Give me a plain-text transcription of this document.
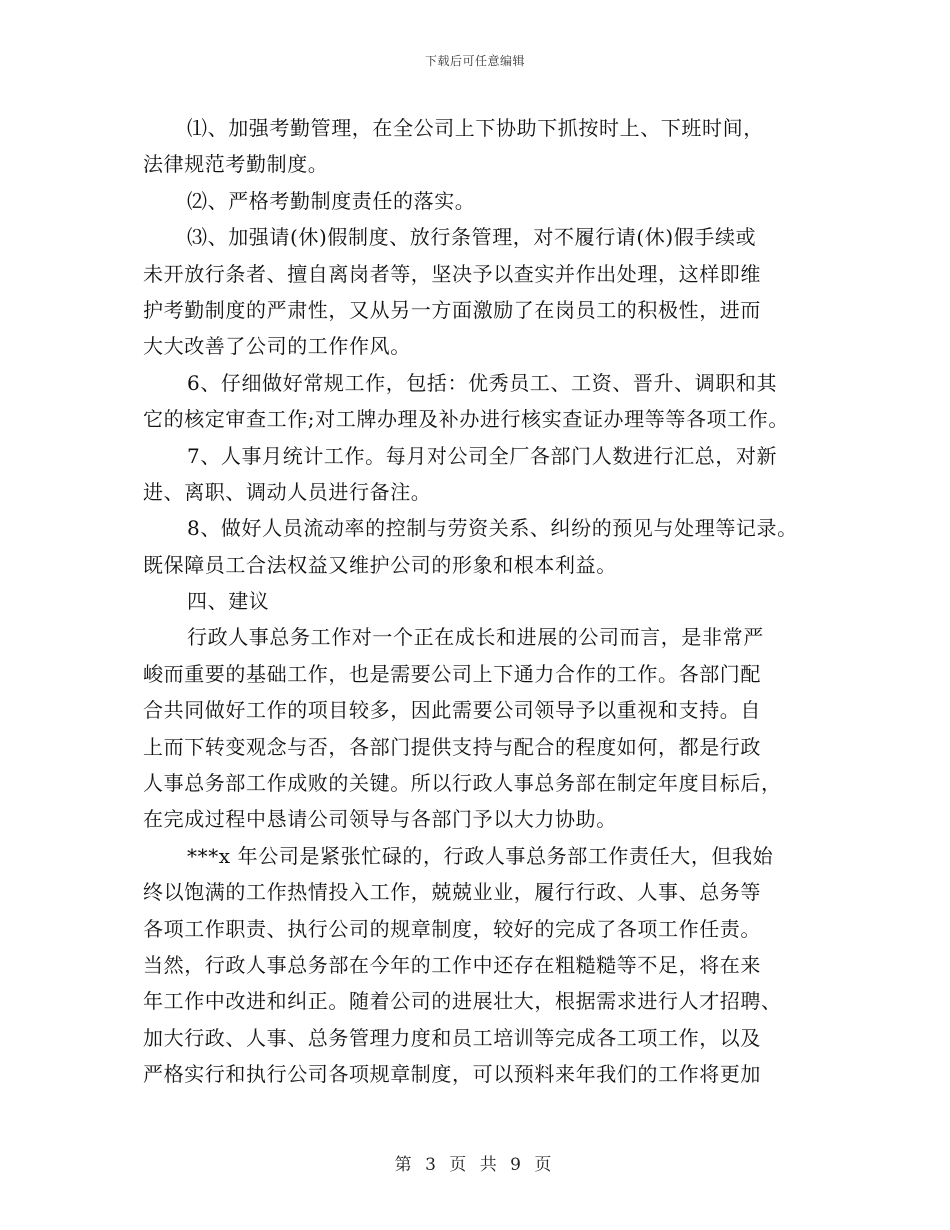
下载后可任意编辑
⑴、加强考勤管理，在全公司上下协助下抓按时上、下班时间，
法律规范考勤制度。
⑵、严格考勤制度责任的落实。
⑶、加强请(休)假制度、放行条管理，对不履行请(休)假手续或
未开放行条者、擅自离岗者等，坚决予以查实并作出处理，这样即维
护考勤制度的严肃性，又从另一方面激励了在岗员工的积极性，进而
大大改善了公司的工作作风。
6、仔细做好常规工作，包括：优秀员工、工资、晋升、调职和其
它的核定审查工作;对工牌办理及补办进行核实查证办理等等各项工作。
7、人事月统计工作。每月对公司全厂各部门人数进行汇总，对新
进、离职、调动人员进行备注。
8、做好人员流动率的控制与劳资关系、纠纷的预见与处理等记录。
既保障员工合法权益又维护公司的形象和根本利益。
四、建议
行政人事总务工作对一个正在成长和进展的公司而言，是非常严
峻而重要的基础工作，也是需要公司上下通力合作的工作。各部门配
合共同做好工作的项目较多，因此需要公司领导予以重视和支持。自
上而下转变观念与否，各部门提供支持与配合的程度如何，都是行政
人事总务部工作成败的关键。所以行政人事总务部在制定年度目标后，
在完成过程中恳请公司领导与各部门予以大力协助。
***x 年公司是紧张忙碌的，行政人事总务部工作责任大，但我始
终以饱满的工作热情投入工作，兢兢业业，履行行政、人事、总务等
各项工作职责、执行公司的规章制度，较好的完成了各项工作任责。
当然，行政人事总务部在今年的工作中还存在粗糙糙等不足，将在来
年工作中改进和纠正。随着公司的进展壮大，根据需求进行人才招聘、
加大行政、人事、总务管理力度和员工培训等完成各工项工作，以及
严格实行和执行公司各项规章制度，可以预料来年我们的工作将更加
第 3 页 共 9 页
